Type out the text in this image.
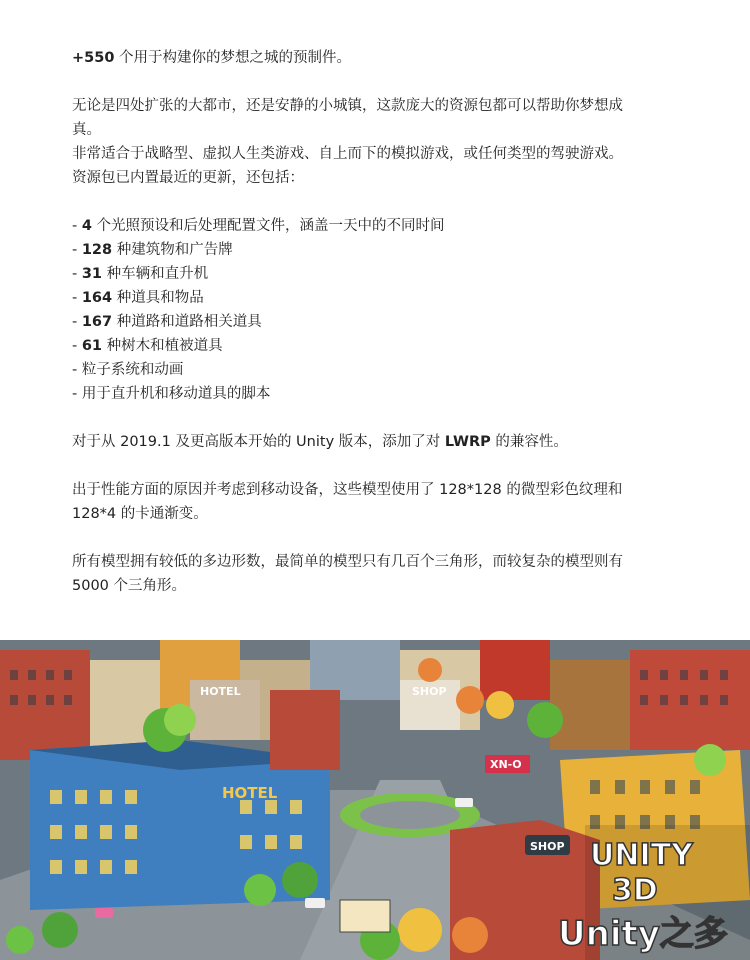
+550 个用于构建你的梦想之城的预制件。

无论是四处扩张的大都市，还是安静的小城镇，这款庞大的资源包都可以帮助你梦想成

真。

非常适合于战略型、虚拟人生类游戏、自上而下的模拟游戏，或任何类型的驾驶游戏。

资源包已内置最近的更新，还包括：

- 4 个光照预设和后处理配置文件，涵盖一天中的不同时间

- 128 种建筑物和广告牌

- 31 种车辆和直升机

- 164 种道具和物品

- 167 种道路和道路相关道具

- 61 种树木和植被道具

- 粒子系统和动画

- 用于直升机和移动道具的脚本

对于从 2019.1 及更高版本开始的 Unity 版本，添加了对 LWRP 的兼容性。

出于性能方面的原因并考虑到移动设备，这些模型使用了 128*128 的微型彩色纹理和

128*4 的卡通渐变。

所有模型拥有较低的多边形数，最简单的模型只有几百个三角形，而较复杂的模型则有

5000 个三角形。

HOTEL
HOTEL
SHOP
XN-O
SHOP UNITY
3D
Unity之多
